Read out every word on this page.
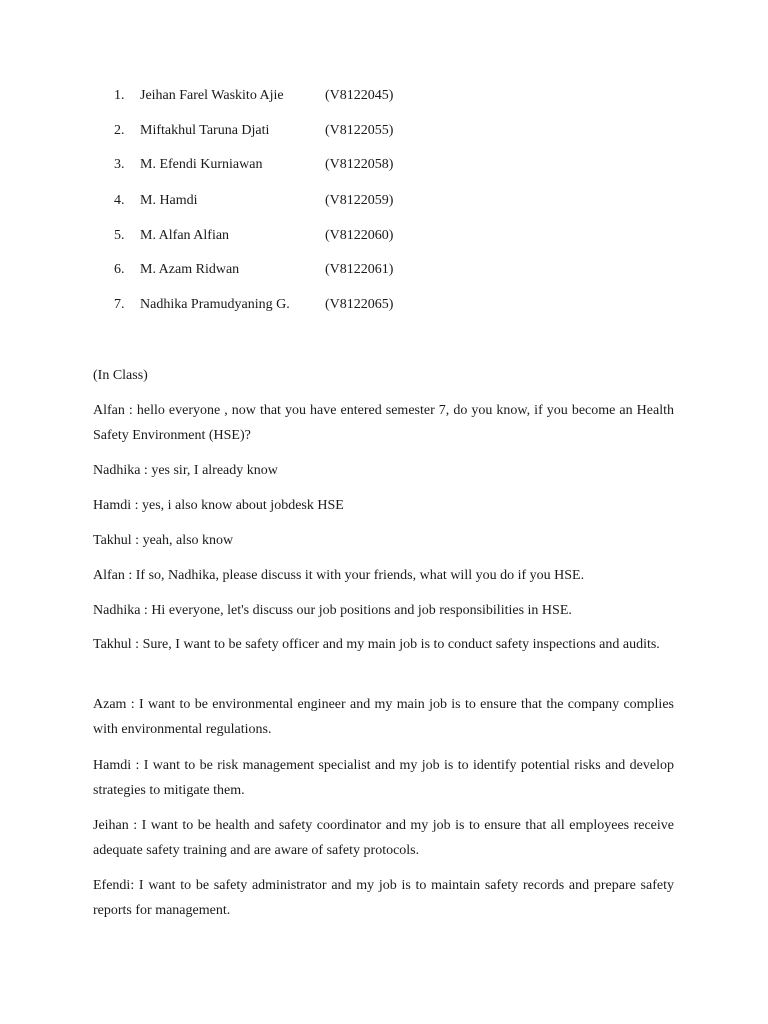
1. Jeihan Farel Waskito Ajie	(V8122045)
2. Miftakhul Taruna Djati	(V8122055)
3. M. Efendi Kurniawan	(V8122058)
4. M. Hamdi	(V8122059)
5. M. Alfan Alfian	(V8122060)
6. M. Azam Ridwan	(V8122061)
7. Nadhika Pramudyaning G.	(V8122065)

(In Class)

Alfan : hello everyone , now that you have entered semester 7, do you know, if you become an Health Safety Environment (HSE)?

Nadhika : yes sir, I already know

Hamdi : yes, i also know about jobdesk HSE

Takhul : yeah, also know

Alfan : If so, Nadhika, please discuss it with your friends, what will you do if you HSE.

Nadhika : Hi everyone, let's discuss our job positions and job responsibilities in HSE.

Takhul : Sure, I want to be safety officer and my main job is to conduct safety inspections and audits.

Azam : I want to be environmental engineer and my main job is to ensure that the company complies with environmental regulations.

Hamdi : I want to be risk management specialist and my job is to identify potential risks and develop strategies to mitigate them.

Jeihan : I want to be health and safety coordinator and my job is to ensure that all employees receive adequate safety training and are aware of safety protocols.

Efendi: I want to be safety administrator and my job is to maintain safety records and prepare safety reports for management.
